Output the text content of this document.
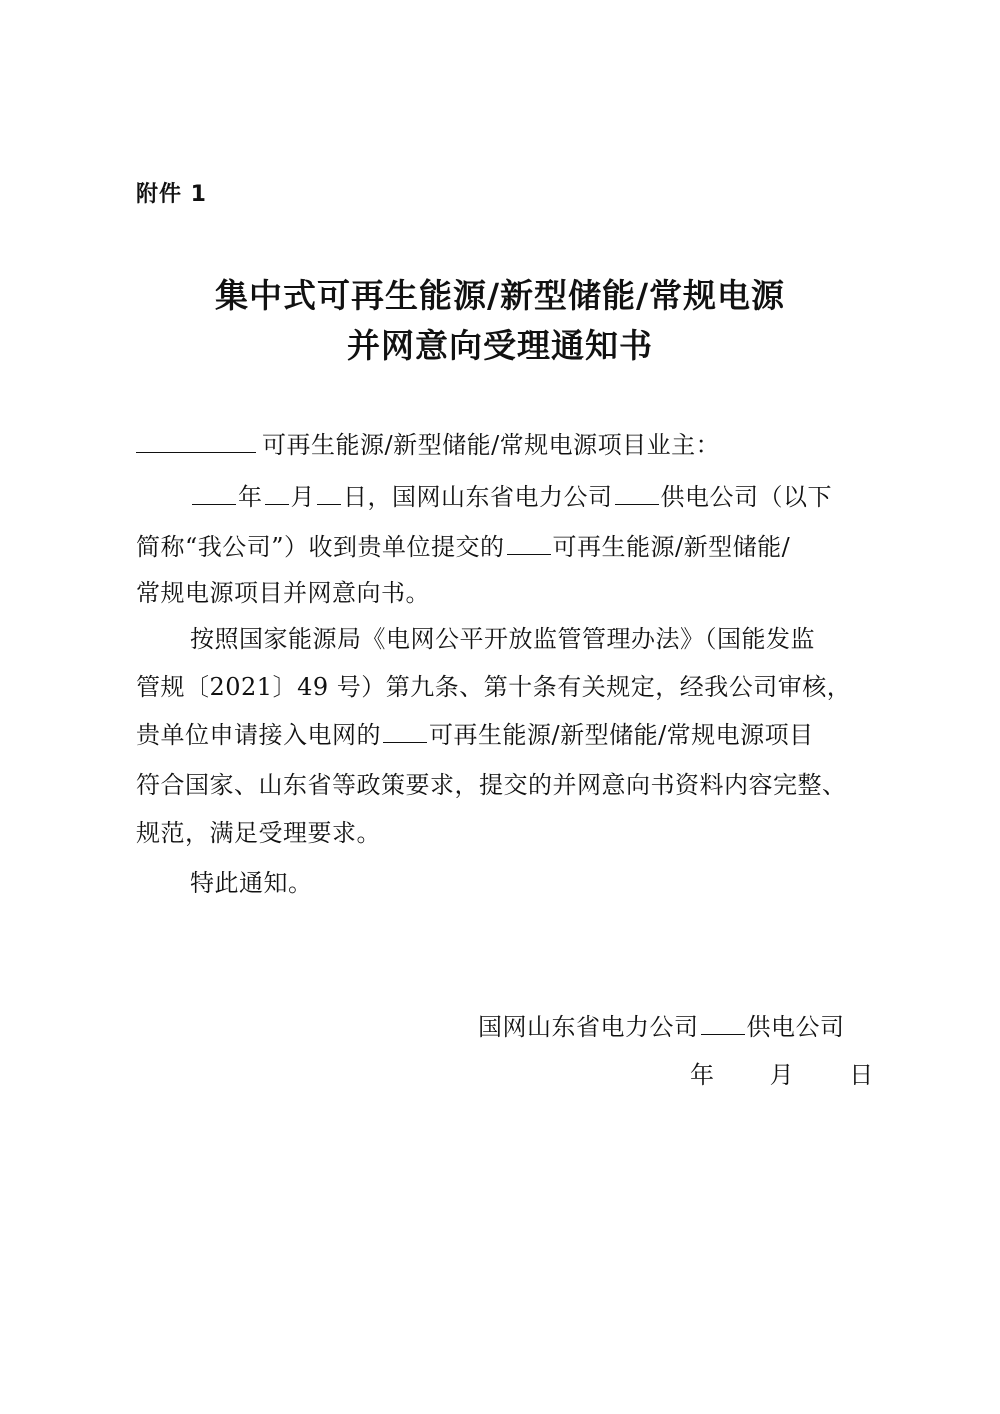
附件 1
集中式可再生能源/新型储能/常规电源
并网意向受理通知书
可再生能源/新型储能/常规电源项目业主：
年 月 日，国网山东省电力公司 供电公司（以下
简称“我公司”）收到贵单位提交的 可再生能源/新型储能/
常规电源项目并网意向书。
按照国家能源局《电网公平开放监管管理办法》（国能发监
管规〔2021〕49 号）第九条、第十条有关规定，经我公司审核，
贵单位申请接入电网的 可再生能源/新型储能/常规电源项目
符合国家、山东省等政策要求，提交的并网意向书资料内容完整、
规范，满足受理要求。
特此通知。
国网山东省电力公司 供电公司
年 月 日
